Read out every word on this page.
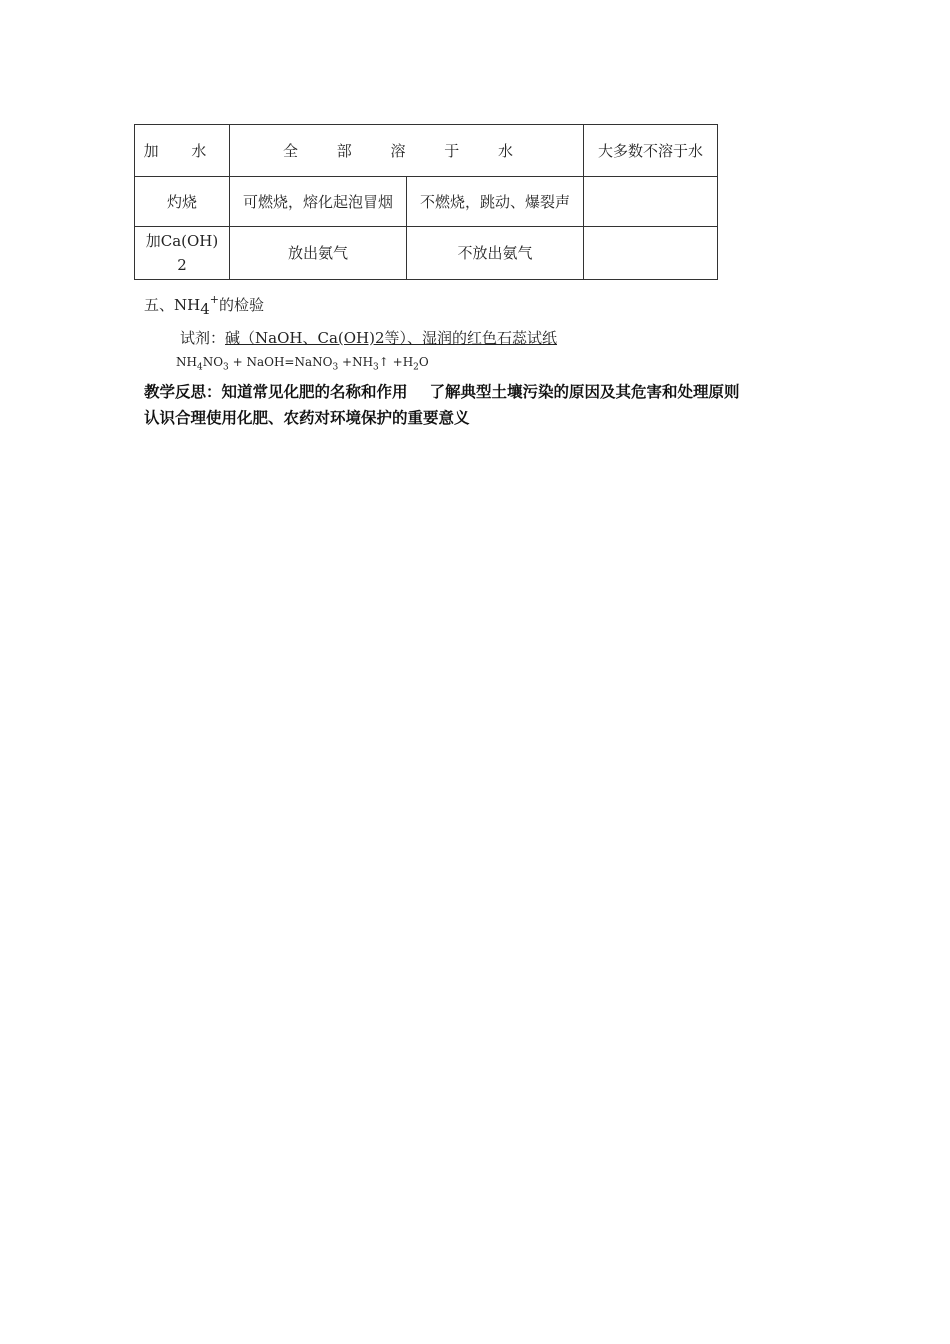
加 水	全 部 溶 于 水		大多数不溶于水
灼烧	可燃烧，熔化起泡冒烟	不燃烧，跳动、爆裂声	
加Ca(OH)2	放出氨气	不放出氨气	
五、$NH_4^+$的检验
试剂：碱（NaOH、Ca(OH)2等）、湿润的红色石蕊试纸
$NH_4NO_3$ + NaOH=NaNO$_3$ $+NH_3↑ +H_2O$
教学反思：知道常见化肥的名称和作用 了解典型土壤污染的原因及其危害和处理原则
认识合理使用化肥、农药对环境保护的重要意义
